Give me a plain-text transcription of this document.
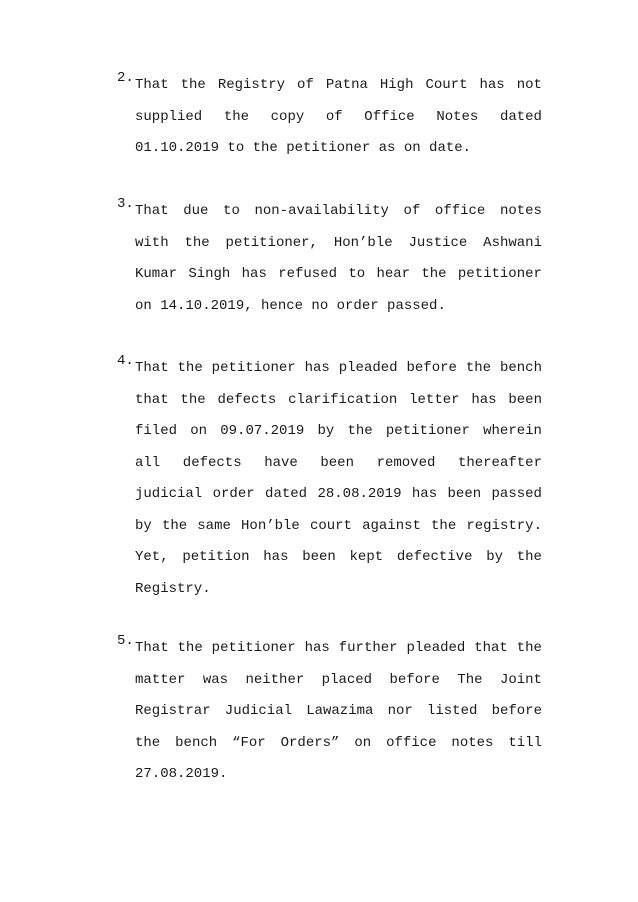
2. That the Registry of Patna High Court has not
supplied the copy of Office Notes dated
01.10.2019 to the petitioner as on date.
3. That due to non-availability of office notes
with the petitioner, Hon’ble Justice Ashwani
Kumar Singh has refused to hear the petitioner
on 14.10.2019, hence no order passed.
4. That the petitioner has pleaded before the bench
that the defects clarification letter has been
filed on 09.07.2019 by the petitioner wherein
all defects have been removed thereafter
judicial order dated 28.08.2019 has been passed
by the same Hon’ble court against the registry.
Yet, petition has been kept defective by the
Registry.
5. That the petitioner has further pleaded that the
matter was neither placed before The Joint
Registrar Judicial Lawazima nor listed before
the bench “For Orders” on office notes till
27.08.2019.
